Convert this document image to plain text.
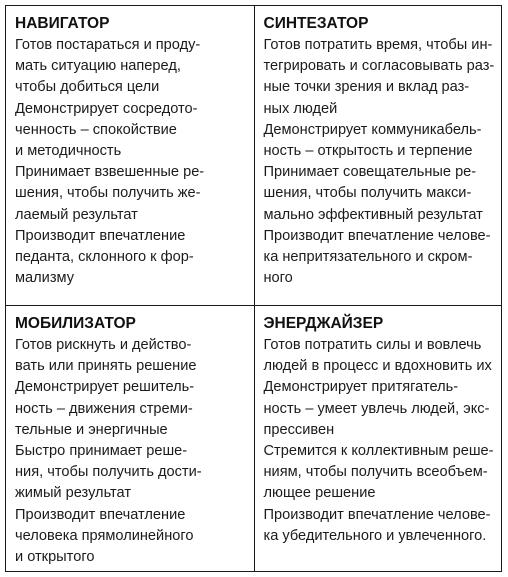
НАВИГАТОР
Готов постараться и проду-
мать ситуацию наперед,
чтобы добиться цели
Демонстрирует сосредото-
ченность – спокойствие
и методичность
Принимает взвешенные ре-
шения, чтобы получить же-
лаемый результат
Производит впечатление
педанта, склонного к фор-
мализму
СИНТЕЗАТОР
Готов потратить время, чтобы ин-
тегрировать и согласовывать раз-
ные точки зрения и вклад раз-
ных людей
Демонстрирует коммуникабель-
ность – открытость и терпение
Принимает совещательные ре-
шения, чтобы получить макси-
мально эффективный результат
Производит впечатление челове-
ка непритязательного и скром-
ного
МОБИЛИЗАТОР
Готов рискнуть и действо-
вать или принять решение
Демонстрирует решитель-
ность – движения стреми-
тельные и энергичные
Быстро принимает реше-
ния, чтобы получить дости-
жимый результат
Производит впечатление
человека прямолинейного
и открытого
ЭНЕРДЖАЙЗЕР
Готов потратить силы и вовлечь
людей в процесс и вдохновить их
Демонстрирует притягатель-
ность – умеет увлечь людей, экс-
прессивен
Стремится к коллективным реше-
ниям, чтобы получить всеобъем-
лющее решение
Производит впечатление челове-
ка убедительного и увлеченного.
